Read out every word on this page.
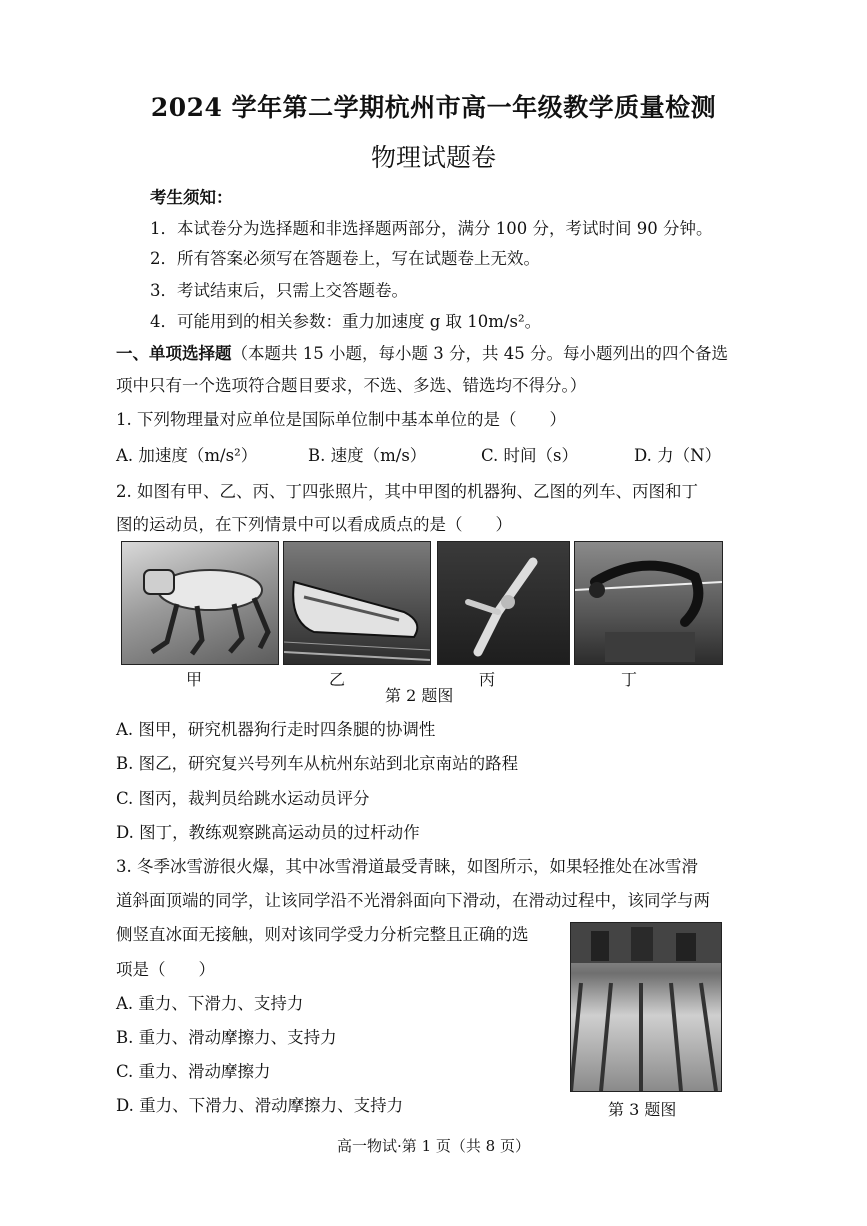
2024 学年第二学期杭州市高一年级教学质量检测
物理试题卷
考生须知：
1．本试卷分为选择题和非选择题两部分，满分 100 分，考试时间 90 分钟。
2．所有答案必须写在答题卷上，写在试题卷上无效。
3．考试结束后，只需上交答题卷。
4．可能用到的相关参数：重力加速度 g 取 10m/s²。
一、单项选择题（本题共 15 小题，每小题 3 分，共 45 分。每小题列出的四个备选
项中只有一个选项符合题目要求，不选、多选、错选均不得分。）
1. 下列物理量对应单位是国际单位制中基本单位的是（　　）
A. 加速度（m/s²）	B. 速度（m/s）	C. 时间（s）	D. 力（N）
2. 如图有甲、乙、丙、丁四张照片，其中甲图的机器狗、乙图的列车、丙图和丁
图的运动员，在下列情景中可以看成质点的是（　　）
甲	乙	丙	丁
第 2 题图
A. 图甲，研究机器狗行走时四条腿的协调性
B. 图乙，研究复兴号列车从杭州东站到北京南站的路程
C. 图丙，裁判员给跳水运动员评分
D. 图丁，教练观察跳高运动员的过杆动作
3. 冬季冰雪游很火爆，其中冰雪滑道最受青睐，如图所示，如果轻推处在冰雪滑
道斜面顶端的同学，让该同学沿不光滑斜面向下滑动，在滑动过程中，该同学与两
侧竖直冰面无接触，则对该同学受力分析完整且正确的选
项是（　　）
第 3 题图
A. 重力、下滑力、支持力
B. 重力、滑动摩擦力、支持力
C. 重力、滑动摩擦力
D. 重力、下滑力、滑动摩擦力、支持力
高一物试·第 1 页（共 8 页）
